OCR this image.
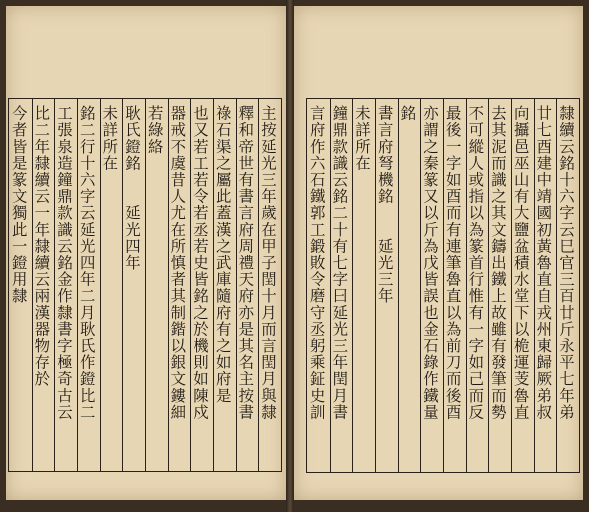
主按延光三年歲在甲子閏十月而言閏月與隸
釋和帝世有書言府周禮天府亦是其名主按書
祿石渠之屬此蓋漢之武庫隨府有之如府是
也又若工若令若丞若史皆銘之於機則如陳戍
器戒不虞昔人尤在所慎者其制鍇以銀文鏤細
若綠絡
耿氏鐙銘　　延光四年
未詳所在
銘二行十六字云延光四年二月耿氏作鐙比二
工張泉造鐘鼎款識云銘金作隸書字極奇古云
比二年隸續云一年隸續云兩漢器物存於
今者皆是篆文獨此一鐙用隸	隸續云銘十六字云巳官三百廿斤永平七年弟
廿七酉建中靖國初黃魯直自戎州東歸厥弟叔
向攝邑巫山有大鹽盆積水堂下以桅運芰魯直
去其泥而識之其文鑄出鐵上故雖有發筆而勢
不可縱人或指以為篆首行惟有一字如己而反
最後一字如酉而有連筆魯直以為前刀而後酉
亦謂之秦篆又以斤為戊皆誤也金石錄作鐵量
銘
書言府弩機銘　　延光三年
未詳所在
鐘鼎款識云銘二十有七字曰延光三年閏月書
言府作六石鐵郭工鍛敗令磨守丞躬乘鉦史訓
